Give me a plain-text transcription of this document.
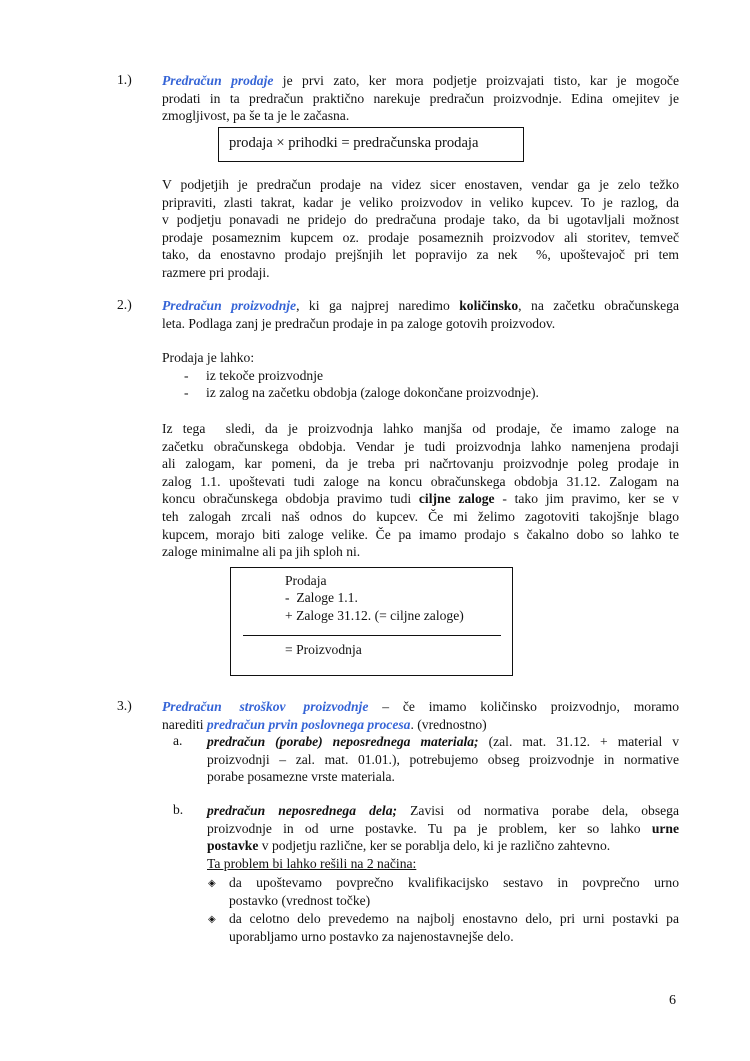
1.) Predračun prodaje je prvi zato, ker mora podjetje proizvajati tisto, kar je mogoče
prodati in ta predračun praktično narekuje predračun proizvodnje. Edina omejitev je
zmogljivost, pa še ta je le začasna.
prodaja × prihodki = predračunska prodaja
V podjetjih je predračun prodaje na videz sicer enostaven, vendar ga je zelo težko
pripraviti, zlasti takrat, kadar je veliko proizvodov in veliko kupcev. To je razlog, da
v podjetju ponavadi ne pridejo do predračuna prodaje tako, da bi ugotavljali možnost
prodaje posameznim kupcem oz. prodaje posameznih proizvodov ali storitev, temveč
tako, da enostavno prodajo prejšnjih let popravijo za nek  %, upoštevajoč pri tem
razmere pri prodaji.
2.) Predračun proizvodnje, ki ga najprej naredimo količinsko, na začetku obračunskega
leta. Podlaga zanj je predračun prodaje in pa zaloge gotovih proizvodov.
Prodaja je lahko:
- iz tekoče proizvodnje
- iz zalog na začetku obdobja (zaloge dokončane proizvodnje).
Iz tega  sledi, da je proizvodnja lahko manjša od prodaje, če imamo zaloge na
začetku obračunskega obdobja. Vendar je tudi proizvodnja lahko namenjena prodaji
ali zalogam, kar pomeni, da je treba pri načrtovanju proizvodnje poleg prodaje in
zalog 1.1. upoštevati tudi zaloge na koncu obračunskega obdobja 31.12. Zalogam na
koncu obračunskega obdobja pravimo tudi ciljne zaloge - tako jim pravimo, ker se v
teh zalogah zrcali naš odnos do kupcev. Če mi želimo zagotoviti takojšnje blago
kupcem, morajo biti zaloge velike. Če pa imamo prodajo s čakalno dobo so lahko te
zaloge minimalne ali pa jih sploh ni.
Prodaja
-  Zaloge 1.1.
+ Zaloge 31.12. (= ciljne zaloge)
= Proizvodnja
3.) Predračun stroškov proizvodnje – če imamo količinsko proizvodnjo, moramo
narediti predračun prvin poslovnega procesa. (vrednostno)
a. predračun (porabe) neposrednega materiala; (zal. mat. 31.12. + material v
proizvodnji – zal. mat. 01.01.), potrebujemo obseg proizvodnje in normative
porabe posamezne vrste materiala.
b. predračun neposrednega dela; Zavisi od normativa porabe dela, obsega
proizvodnje in od urne postavke. Tu pa je problem, ker so lahko urne
postavke v podjetju različne, ker se porablja delo, ki je različno zahtevno.
Ta problem bi lahko rešili na 2 načina:
◈ da upoštevamo povprečno kvalifikacijsko sestavo in povprečno urno
postavko (vrednost točke)
◈ da celotno delo prevedemo na najbolj enostavno delo, pri urni postavki pa
uporabljamo urno postavko za najenostavnejše delo.
6
